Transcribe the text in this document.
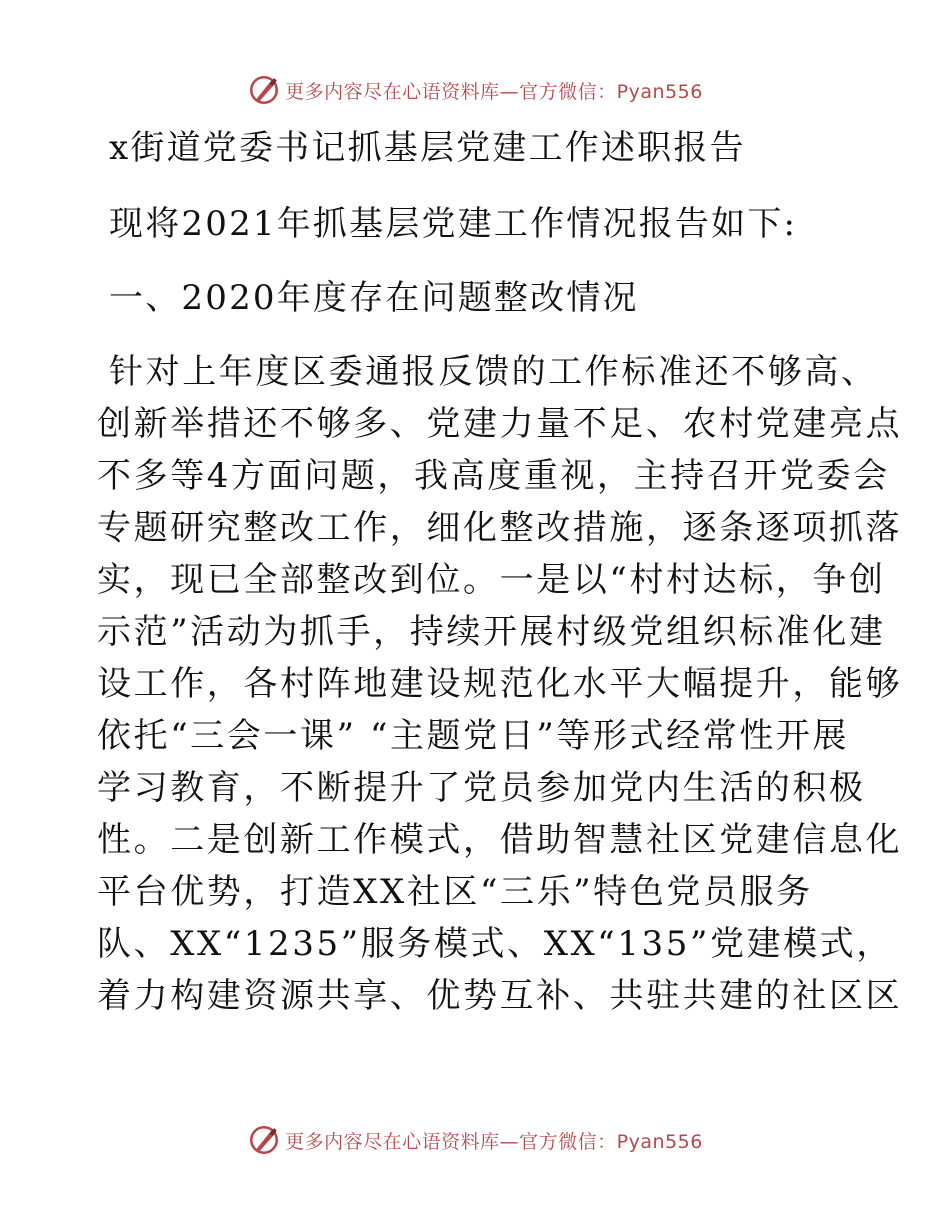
更多内容尽在心语资料库—官方微信：Pyan556
x街道党委书记抓基层党建工作述职报告
现将2021年抓基层党建工作情况报告如下:
一、2020年度存在问题整改情况
针对上年度区委通报反馈的工作标准还不够高、
创新举措还不够多、党建力量不足、农村党建亮点
不多等4方面问题，我高度重视，主持召开党委会
专题研究整改工作，细化整改措施，逐条逐项抓落
实，现已全部整改到位。一是以“村村达标，争创
示范”活动为抓手，持续开展村级党组织标准化建
设工作，各村阵地建设规范化水平大幅提升，能够
依托“三会一课” “主题党日”等形式经常性开展
学习教育，不断提升了党员参加党内生活的积极
性。二是创新工作模式，借助智慧社区党建信息化
平台优势，打造XX社区“三乐”特色党员服务
队、XX“1235”服务模式、XX“135”党建模式，
着力构建资源共享、优势互补、共驻共建的社区区
更多内容尽在心语资料库—官方微信：Pyan556
